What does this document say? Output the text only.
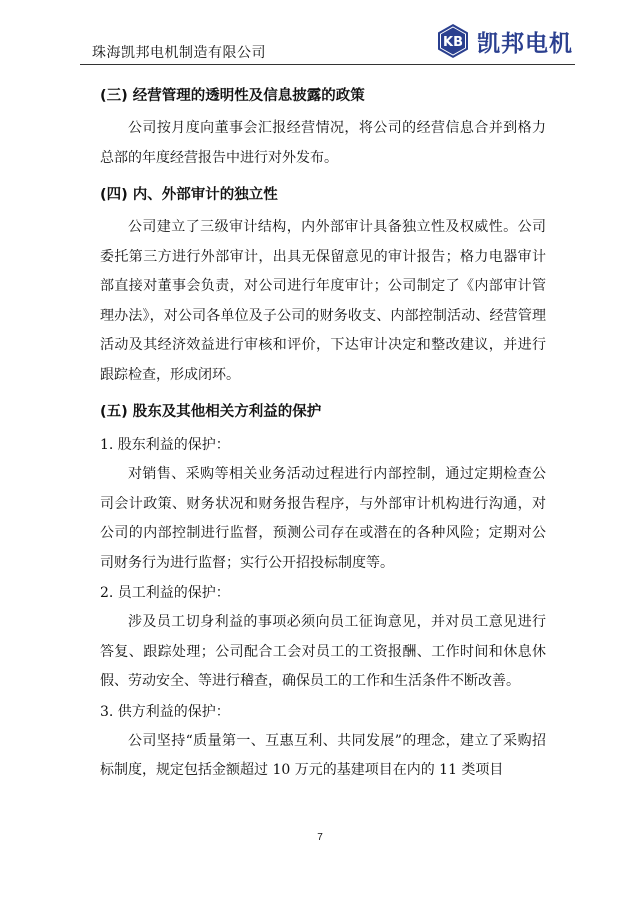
珠海凯邦电机制造有限公司
KB 凯邦电机

(三) 经营管理的透明性及信息披露的政策

公司按月度向董事会汇报经营情况，将公司的经营信息合并到格力总部的年度经营报告中进行对外发布。

(四) 内、外部审计的独立性

公司建立了三级审计结构，内外部审计具备独立性及权威性。公司委托第三方进行外部审计，出具无保留意见的审计报告；格力电器审计部直接对董事会负责，对公司进行年度审计；公司制定了《内部审计管理办法》，对公司各单位及子公司的财务收支、内部控制活动、经营管理活动及其经济效益进行审核和评价，下达审计决定和整改建议，并进行跟踪检查，形成闭环。

(五) 股东及其他相关方利益的保护

1. 股东利益的保护：

对销售、采购等相关业务活动过程进行内部控制，通过定期检查公司会计政策、财务状况和财务报告程序，与外部审计机构进行沟通，对公司的内部控制进行监督，预测公司存在或潜在的各种风险；定期对公司财务行为进行监督；实行公开招投标制度等。

2. 员工利益的保护：

涉及员工切身利益的事项必须向员工征询意见，并对员工意见进行答复、跟踪处理；公司配合工会对员工的工资报酬、工作时间和休息休假、劳动安全、等进行稽查，确保员工的工作和生活条件不断改善。

3. 供方利益的保护：

公司坚持“质量第一、互惠互利、共同发展”的理念，建立了采购招标制度，规定包括金额超过 10 万元的基建项目在内的 11 类项目

7
